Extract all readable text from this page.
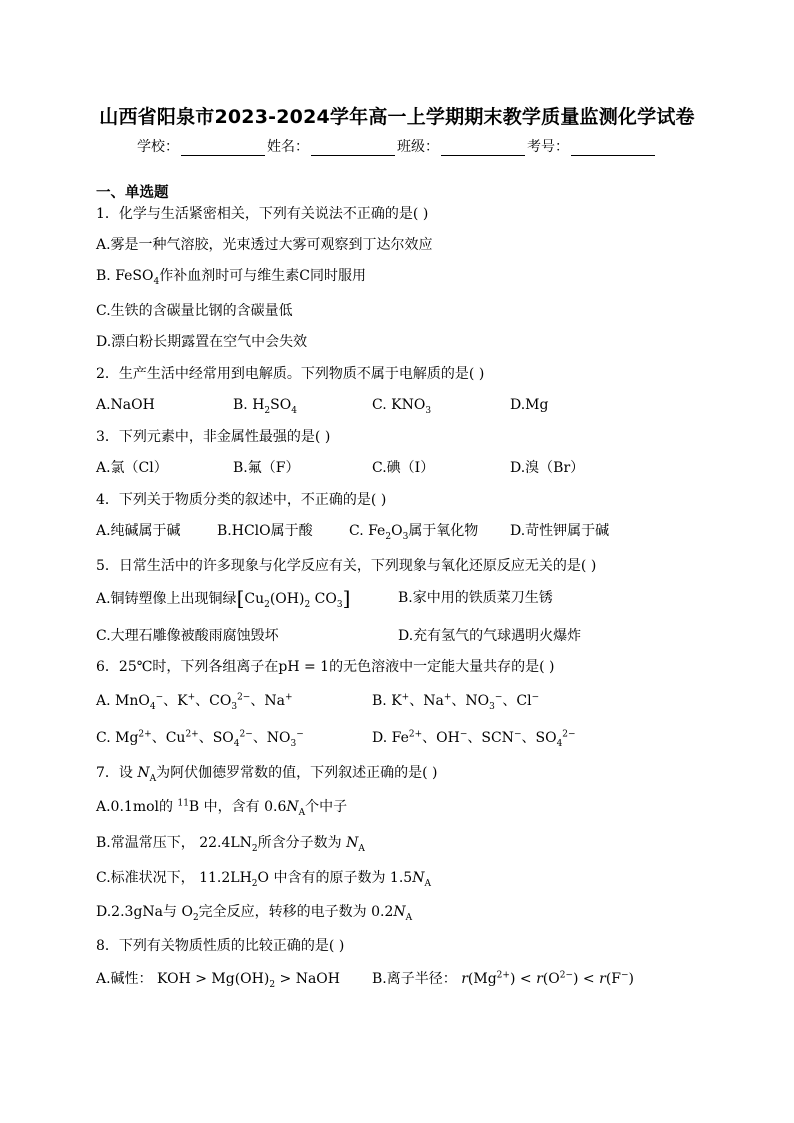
山西省阳泉市2023-2024学年高一上学期期末教学质量监测化学试卷
学校：	姓名：	班级：	考号：
一、单选题
1．化学与生活紧密相关，下列有关说法不正确的是( )
A.雾是一种气溶胶，光束透过大雾可观察到丁达尔效应
B. FeSO$_4$作补血剂时可与维生素C同时服用
C.生铁的含碳量比钢的含碳量低
D.漂白粉长期露置在空气中会失效
2．生产生活中经常用到电解质。下列物质不属于电解质的是( )
A.NaOH	B. $H_2SO_4$	C. $KNO_3$	D.Mg
3．下列元素中，非金属性最强的是( )
A.氯（Cl）	B.氟（F）	C.碘（I）	D.溴（Br）
4．下列关于物质分类的叙述中，不正确的是( )
A.纯碱属于碱	B.HClO属于酸	C. $Fe_2O_3$属于氧化物 D.苛性钾属于碱
5．日常生活中的许多现象与化学反应有关，下列现象与氧化还原反应无关的是( )
A.铜铸塑像上出现铜绿[$Cu_2(OH)_2$ $CO_3$]	B.家中用的铁质菜刀生锈
C.大理石雕像被酸雨腐蚀毁坏	D.充有氢气的气球遇明火爆炸
6．25℃时，下列各组离子在pH = 1的无色溶液中一定能大量共存的是( )
A. MnO$_4$−、K+、$CO_3^{2-}$、Na+	B. K+、Na+、$NO_3^-$、Cl−
C. $Mg^{2+}$、$Cu^{2+}$、$SO_4^{2-}$、$NO_3^-$	D. $Fe^{2+}$、OH−、SCN−、$SO_4^{2-}$
7．设 $N_A$为阿伏伽德罗常数的值，下列叙述正确的是( )
A.0.1mol的 $^{11}$B 中，含有 $0.6N_A$个中子
B.常温常压下， $22.4LN_2$所含分子数为 $N_A$
C.标准状况下， $11.2LH_2O$ 中含有的原子数为 $1.5N_A$
D.2.3gNa与 $O_2$完全反应，转移的电子数为 $0.2N_A$
8．下列有关物质性质的比较正确的是( )
A.碱性： KOH > $Mg(OH)_2$ > NaOH B.离子半径： $r(Mg^{2+}) < r(O^{2-}) < r(F^-)$
